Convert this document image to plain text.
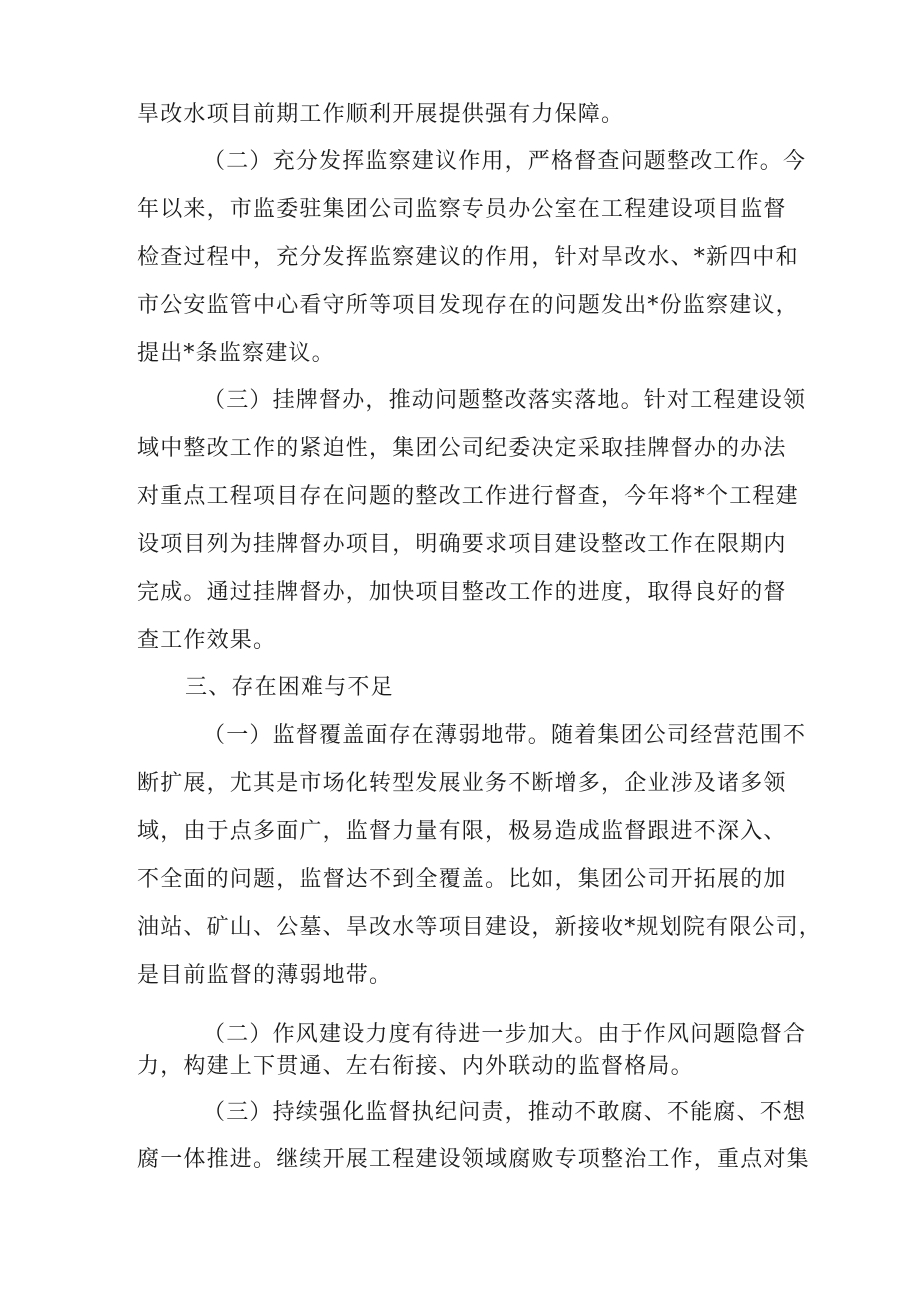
旱改水项目前期工作顺利开展提供强有力保障。
（二）充分发挥监察建议作用，严格督查问题整改工作。今
年以来，市监委驻集团公司监察专员办公室在工程建设项目监督
检查过程中，充分发挥监察建议的作用，针对旱改水、*新四中和
市公安监管中心看守所等项目发现存在的问题发出*份监察建议，
提出*条监察建议。
（三）挂牌督办，推动问题整改落实落地。针对工程建设领
域中整改工作的紧迫性，集团公司纪委决定采取挂牌督办的办法
对重点工程项目存在问题的整改工作进行督查，今年将*个工程建
设项目列为挂牌督办项目，明确要求项目建设整改工作在限期内
完成。通过挂牌督办，加快项目整改工作的进度，取得良好的督
查工作效果。
三、存在困难与不足
（一）监督覆盖面存在薄弱地带。随着集团公司经营范围不
断扩展，尤其是市场化转型发展业务不断增多，企业涉及诸多领
域，由于点多面广，监督力量有限，极易造成监督跟进不深入、
不全面的问题，监督达不到全覆盖。比如，集团公司开拓展的加
油站、矿山、公墓、旱改水等项目建设，新接收*规划院有限公司，
是目前监督的薄弱地带。
（二）作风建设力度有待进一步加大。由于作风问题隐督合
力，构建上下贯通、左右衔接、内外联动的监督格局。
（三）持续强化监督执纪问责，推动不敢腐、不能腐、不想
腐一体推进。继续开展工程建设领域腐败专项整治工作，重点对集
